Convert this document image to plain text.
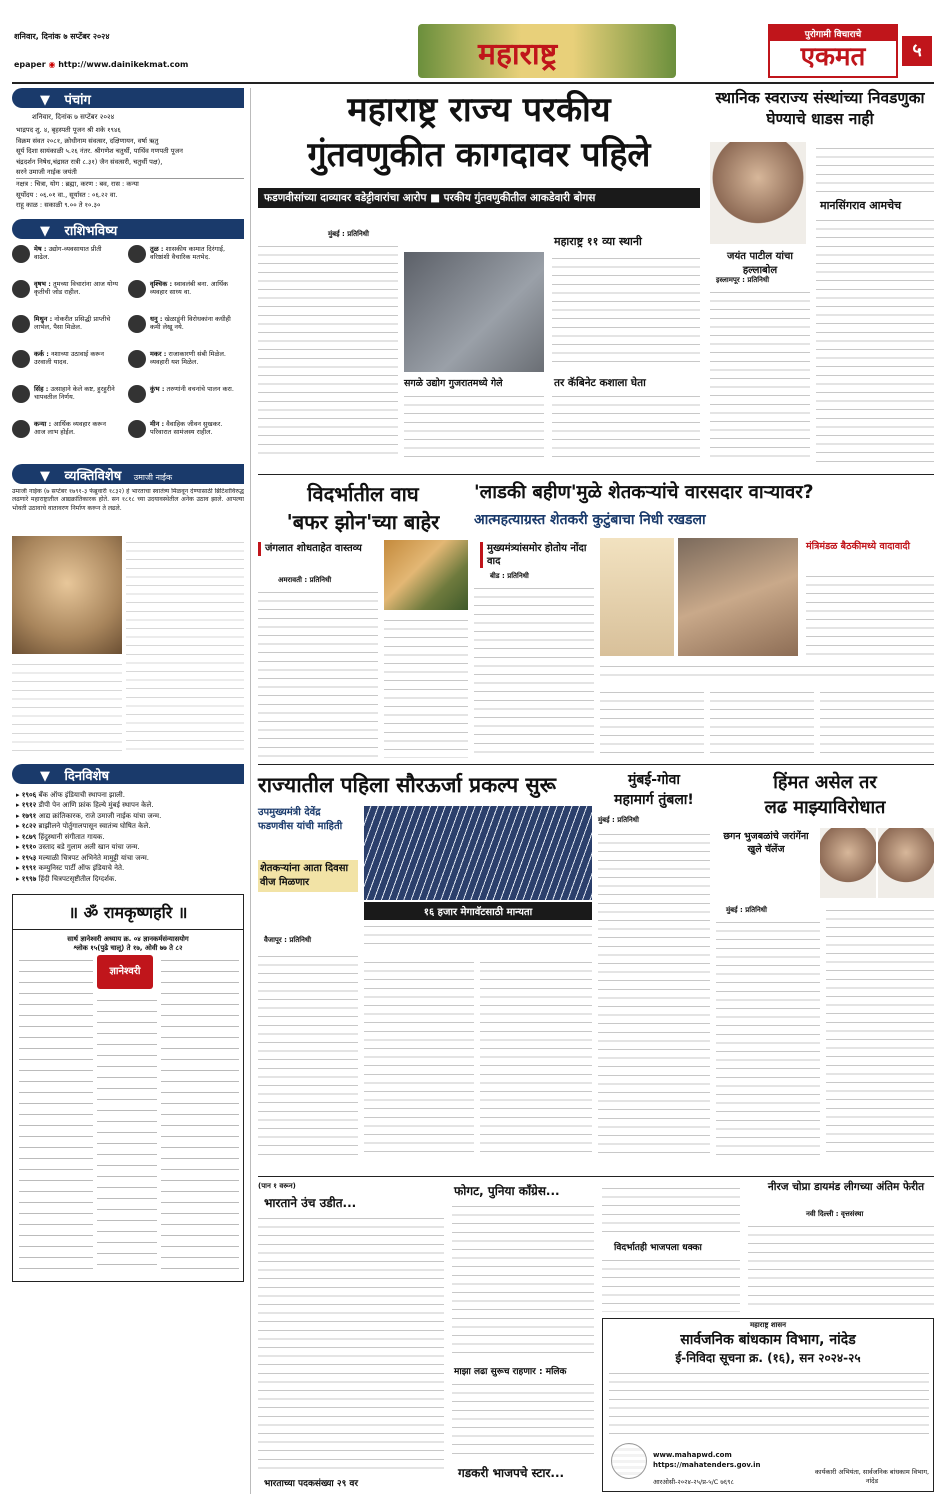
शनिवार, दिनांक ७ सप्टेंबर २०२४
epaper ◉ http://www.dainikekmat.com	महाराष्ट्र
पुरोगामी विचाराचे
एकमत	५
▼ पंचांग
शनिवार, दिनांक ७ सप्टेंबर २०२४
भाद्रपद शु. ४, बृहस्पती पूजन श्री शके १९४६
विक्रम संवत २०८१, क्रोधीनाम संवत्सर, दक्षिणायन, वर्षा ऋतु
सूर्य दिशा सायंकाळी ५.२६ नंतर. श्रीगणेश चतुर्थी, पार्थिव गणपती पूजन
चंद्रदर्शन निषेध,चंद्रास्त रात्री ८.३१) जैन संवत्सरी, चतुर्थी पक्ष),
सरने उमाजी नाईक जयंती
नक्षत्र : चित्रा, योग : ब्रह्मा, करण : बव, रास : कन्या
सूर्योदय : ०६.०१ वा., सूर्यास्त : ०६.२२ वा.
राहू काळ : सकाळी ९.०० ते १०.३०
▼ राशिभविष्य
मेष : उद्योग-व्यवसायात प्रीती वाढेल.
वृषभ : तुमच्या विचारांना आज योग्य कृतीची जोड राहील.
मिथुन : नोकरीत प्रसिद्धी प्राप्तीचे लाभेल, पैसा मिळेल.
कर्क : नशाच्या उठावाई करून उरवाली यादव.
सिंह : उत्साहाने केले कष्ट, हुरहुरीने चापवतील निर्णय.
कन्या : आर्थिक व्यवहार करून आज लाभ होईल.
तुळ : शासकीय कामात दिरंगाई, वरिष्ठांशी वैचारिक मतभेद.
वृश्चिक : स्वावलंबी बना. आर्थिक व्यवहार साध्य वा.
धनु : खेळाडूंनी विरोधकांना कधीही कमी लेखू नये.
मकर : राजाकारणी संबी मिळेल. व्यवहारी यश मिळेल.
कुंभ : तरुणांनी वचनांचे पालन करा.
मीन : वैवाहिक जीवन सुखकर. परिवारात सामंजस्य राहील.
▼ व्यक्तिविशेष उमाजी नाईक
उमाजी नाईक (७ सप्टेंबर १७९१-३ फेब्रुवारी १८३२) हे भारताचा स्वातंत्र्य मिळवून देण्यासाठी ब्रिटिशांविरुद्ध लढणारे महाराष्ट्रातील आद्यक्रांतिकारक होते. सन १८१८ च्या उदयावस्थेतील अनेक उठाव झाले. आपल्या भोवती उठावाचे वातावरण निर्माण करून ते लढले.
▼ दिनविशेष
▸ १९०६ बँक ऑफ इंडियाची स्थापना झाली.
▸ १९१२ डीपी पेन आणि फ्रांक हिल्ये मुंबई स्थापन केले.
▸ १७९१ आद्य क्रांतिकारक, राजे उमाजी नाईक यांचा जन्म.
▸ १८२२ ब्राझीलने पोर्तुगालपासून स्वातंत्र्य घोषित केले.
▸ १८७९ हिंदुस्थानी संगीतात गायक.
▸ १९१० उस्ताद बडे गुलाम अली खान यांचा जन्म.
▸ १९५३ मल्याळी चित्रपट अभिनेते मामुट्टी यांचा जन्म.
▸ १९९१ कम्युनिस्ट पार्टी ऑफ इंडियाचे नेते.
▸ १९९७ हिंदी चित्रपटसृष्टीतील दिग्दर्शक.
॥ ॐ रामकृष्णहरि ॥
सार्थ ज्ञानेश्वरी अध्याय क्र. ०४ ज्ञानकर्मसंन्यासयोग
श्लोक १५(पुढे चालू) ते १७, ओवी ७७ ते ८२
ज्ञानेश्वरी
महाराष्ट्र राज्य परकीय
गुंतवणुकीत कागदावर पहिले
फडणवीसांच्या दाव्यावर वडेट्टीवारांचा आरोप ■ परकीय गुंतवणुकीतील आकडेवारी बोगस
मुंबई : प्रतिनिधी
सगळे उद्योग गुजरातमध्ये गेले
महाराष्ट्र ११ व्या स्थानी
तर कॅबिनेट कशाला घेता
स्थानिक स्वराज्य संस्थांच्या निवडणुका घेण्याचे धाडस नाही
जयंत पाटील यांचा हल्लाबोल
इस्लामपूर : प्रतिनिधी
मानसिंगराव आमचेच
विदर्भातील वाघ
'बफर झोन'च्या बाहेर
जंगलात शोधताहेत वास्तव्य
अमरावती : प्रतिनिधी
'लाडकी बहीण'मुळे शेतकऱ्यांचे वारसदार वाऱ्यावर?
आत्महत्याग्रस्त शेतकरी कुटुंबाचा निधी रखडला
मुख्यमंत्र्यांसमोर होतोय नोंदा वाद
बीड : प्रतिनिधी
मंत्रिमंडळ बैठकीमध्ये वादावादी
राज्यातील पहिला सौरऊर्जा प्रकल्प सुरू
उपमुख्यमंत्री देवेंद्र फडणवीस यांची माहिती
शेतकऱ्यांना आता दिवसा वीज मिळणार
१६ हजार मेगावॅटसाठी मान्यता
वैजापूर : प्रतिनिधी
मुंबई-गोवा
महामार्ग तुंबला!
मुंबई : प्रतिनिधी
हिंमत असेल तर
लढ माझ्याविरोधात
छगन भुजबळांचे जरांगेंना खुले चॅलेंज
मुंबई : प्रतिनिधी
(पान १ वरून)
भारताने उंच उडीत...
भारताच्या पदकसंख्या २९ वर
फोगट, पुनिया काँग्रेस...
माझा लढा सुरूच राहणार : मलिक
गडकरी भाजपचे स्टार...
विदर्भातही भाजपला धक्का
नीरज चोप्रा डायमंड लीगच्या अंतिम फेरीत
नवी दिल्ली : वृत्तसंस्था
महाराष्ट्र शासन
सार्वजनिक बांधकाम विभाग, नांदेड
ई-निविदा सूचना क्र. (१६), सन २०२४-२५
www.mahapwd.com
https://mahatenders.gov.in
आरओसी-२०२४-२५/प्र-५/C ७६९८
कार्यकारी अभियंता, सार्वजनिक बांधकाम विभाग, नांदेड
